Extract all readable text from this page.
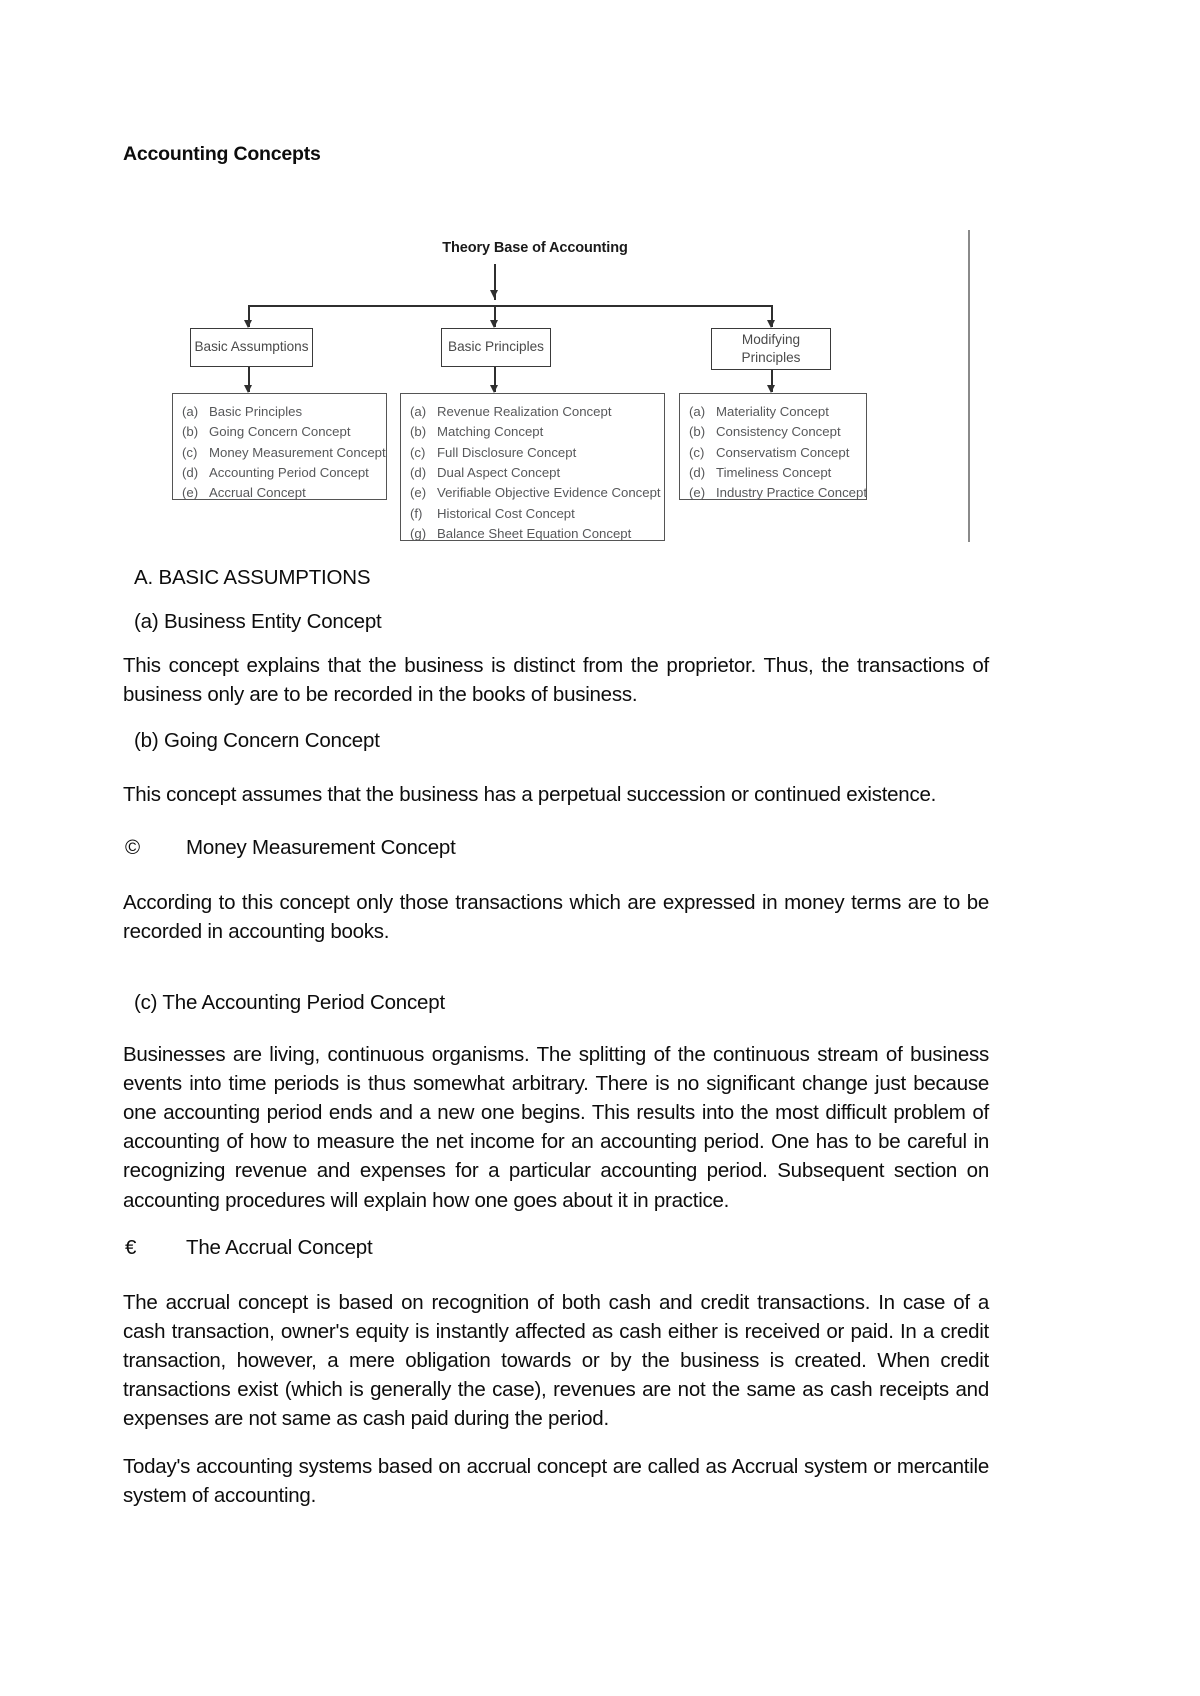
Accounting Concepts
Theory Base of Accounting
Basic Assumptions	Basic Principles
Modifying Principles
(a) Basic Principles
(b) Going Concern Concept
(c) Money Measurement Concept
(d) Accounting Period Concept
(e) Accrual Concept
(a) Revenue Realization Concept
(b) Matching Concept
(c) Full Disclosure Concept
(d) Dual Aspect Concept
(e) Verifiable Objective Evidence Concept
(f)	Historical Cost Concept
(g) Balance Sheet Equation Concept
(a) Materiality Concept
(b) Consistency Concept
(c) Conservatism Concept
(d) Timeliness Concept
(e) Industry Practice Concept
A. BASIC ASSUMPTIONS
(a) Business Entity Concept
This concept explains that the business is distinct from the proprietor. Thus, the transactions of business only are to be recorded in the books of business.
(b) Going Concern Concept
This concept assumes that the business has a perpetual succession or continued existence.
© Money Measurement Concept
According to this concept only those transactions which are expressed in money terms are to be recorded in accounting books.
(c) The Accounting Period Concept
Businesses are living, continuous organisms. The splitting of the continuous stream of business events into time periods is thus somewhat arbitrary. There is no significant change just because one accounting period ends and a new one begins. This results into the most difficult problem of accounting of how to measure the net income for an accounting period. One has to be careful in recognizing revenue and expenses for a particular accounting period. Subsequent section on accounting procedures will explain how one goes about it in practice.
€ The Accrual Concept
The accrual concept is based on recognition of both cash and credit transactions. In case of a cash transaction, owner's equity is instantly affected as cash either is received or paid. In a credit transaction, however, a mere obligation towards or by the business is created. When credit transactions exist (which is generally the case), revenues are not the same as cash receipts and expenses are not same as cash paid during the period.
Today's accounting systems based on accrual concept are called as Accrual system or mercantile system of accounting.
